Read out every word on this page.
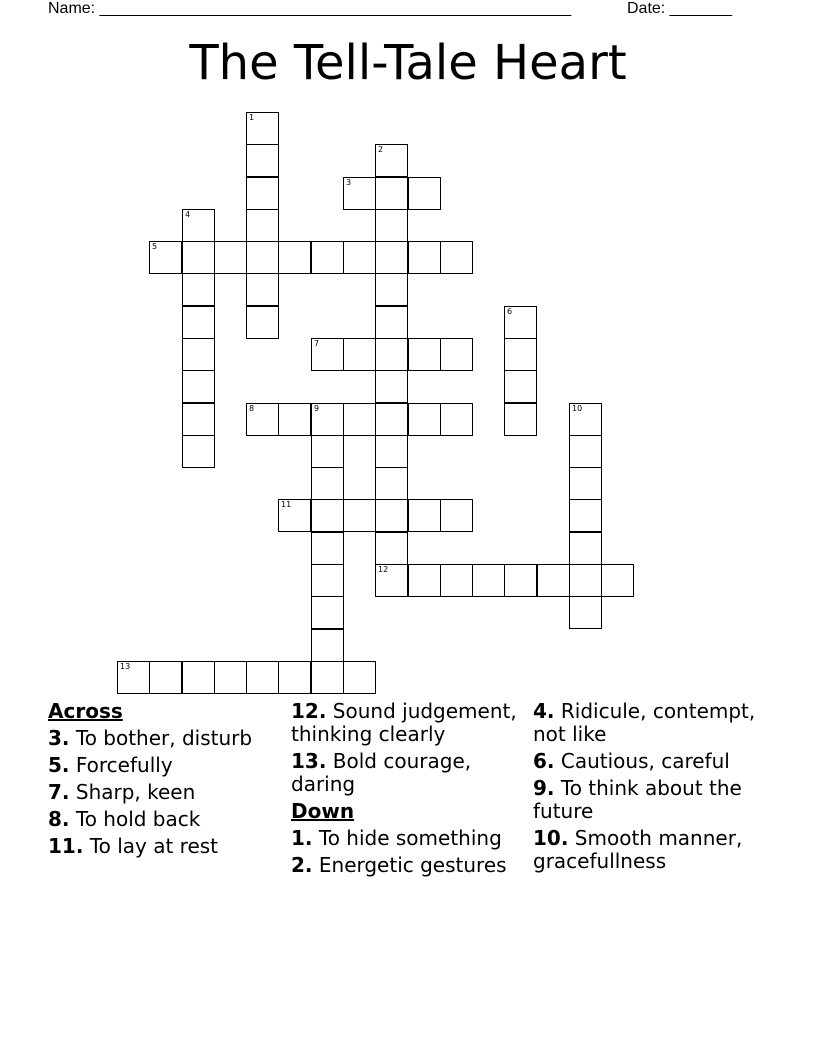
Name: _____________________________________________________	Date: _______
The Tell-Tale Heart
1
2
3
4
5
6
7
8	9	10
11
12
13
Across
3. To bother, disturb
5. Forcefully
7. Sharp, keen
8. To hold back
11. To lay at rest
12. Sound judgement, thinking clearly
13. Bold courage, daring
Down
1. To hide something
2. Energetic gestures
4. Ridicule, contempt, not like
6. Cautious, careful
9. To think about the future
10. Smooth manner, gracefullness
